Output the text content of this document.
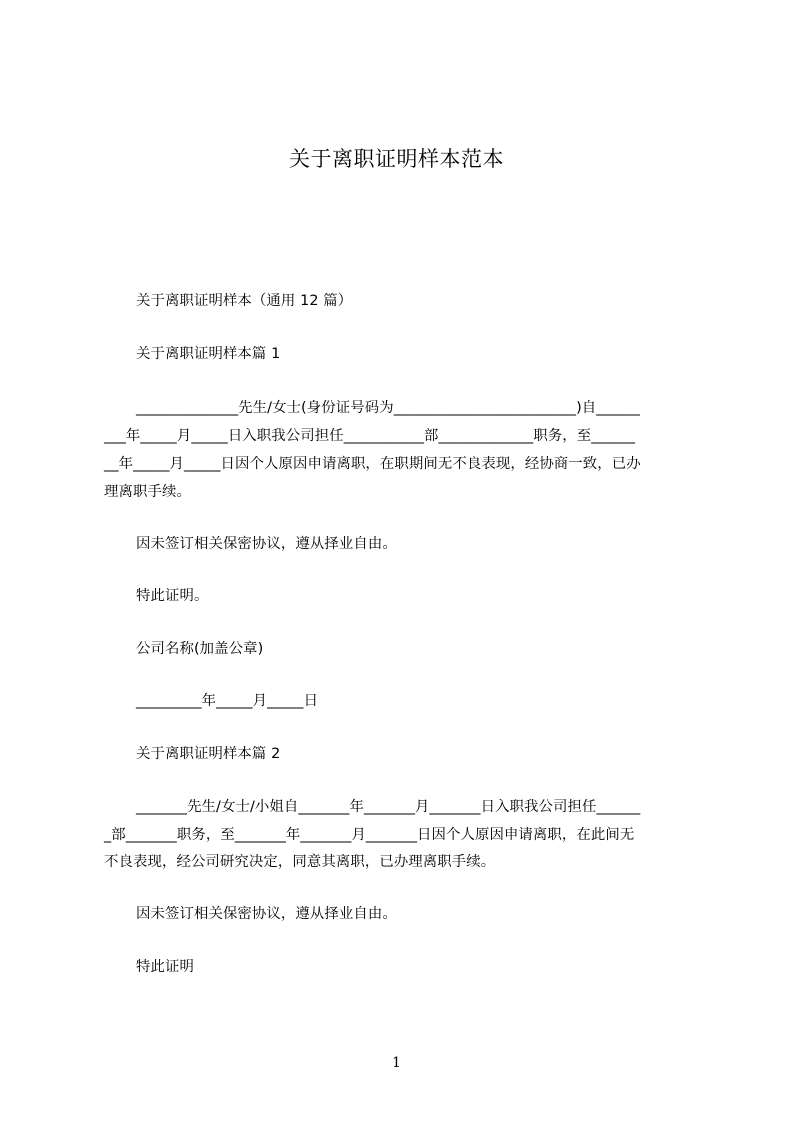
关于离职证明样本范本
关于离职证明样本（通用 12 篇）
关于离职证明样本篇 1
______________先生/女士(身份证号码为_________________________)自______
___年_____月_____日入职我公司担任___________部_____________职务，至______
__年_____月_____日因个人原因申请离职，在职期间无不良表现，经协商一致，已办
理离职手续。
因未签订相关保密协议，遵从择业自由。
特此证明。
公司名称(加盖公章)
_________年_____月_____日
关于离职证明样本篇 2
_______先生/女士/小姐自_______年_______月_______日入职我公司担任______
_部_______职务，至_______年_______月_______日因个人原因申请离职，在此间无
不良表现，经公司研究决定，同意其离职，已办理离职手续。
因未签订相关保密协议，遵从择业自由。
特此证明
1
